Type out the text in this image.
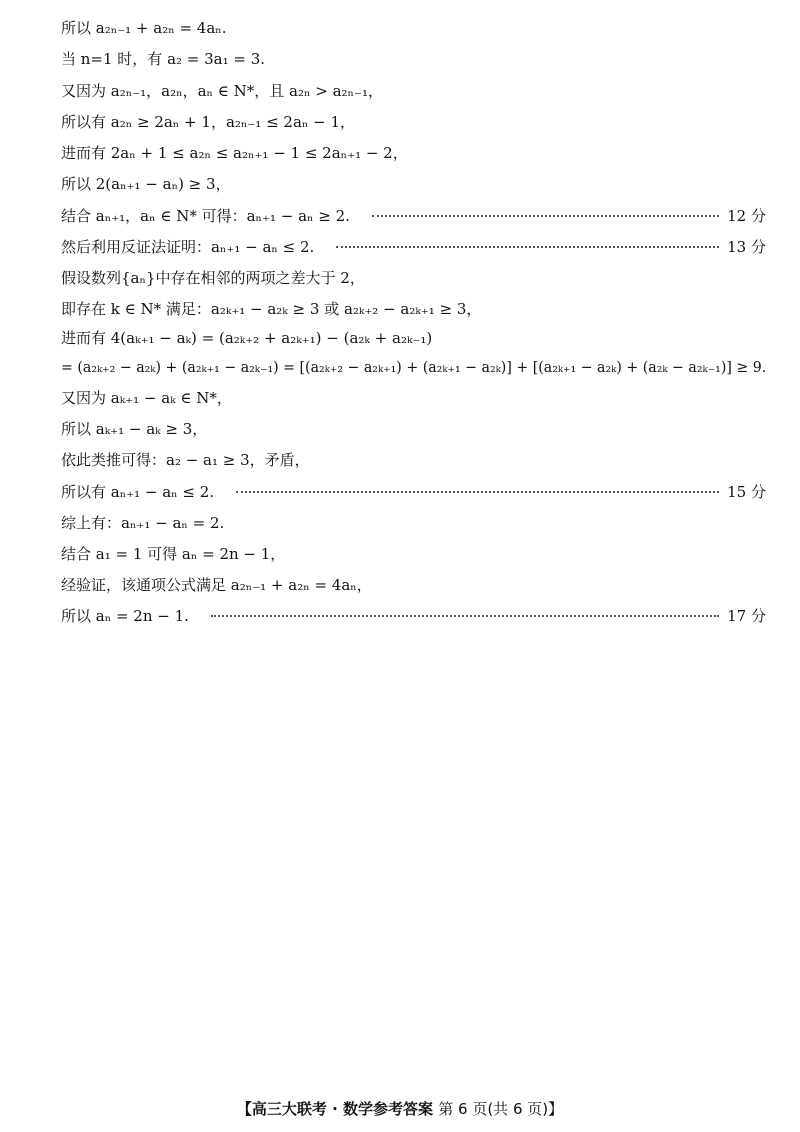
所以 a₂ₙ₋₁ + a₂ₙ = 4aₙ.
当 n=1 时，有 a₂ = 3a₁ = 3.
又因为 a₂ₙ₋₁，a₂ₙ，aₙ ∈ N*，且 a₂ₙ > a₂ₙ₋₁，
所以有 a₂ₙ ≥ 2aₙ + 1，a₂ₙ₋₁ ≤ 2aₙ − 1，
进而有 2aₙ + 1 ≤ a₂ₙ ≤ a₂ₙ₊₁ − 1 ≤ 2aₙ₊₁ − 2，
所以 2(aₙ₊₁ − aₙ) ≥ 3，
结合 aₙ₊₁，aₙ ∈ N* 可得：aₙ₊₁ − aₙ ≥ 2.	12 分
然后利用反证法证明：aₙ₊₁ − aₙ ≤ 2.	13 分
假设数列{aₙ}中存在相邻的两项之差大于 2，
即存在 k ∈ N* 满足：a₂ₖ₊₁ − a₂ₖ ≥ 3 或 a₂ₖ₊₂ − a₂ₖ₊₁ ≥ 3，
进而有 4(aₖ₊₁ − aₖ) = (a₂ₖ₊₂ + a₂ₖ₊₁) − (a₂ₖ + a₂ₖ₋₁)
= (a₂ₖ₊₂ − a₂ₖ) + (a₂ₖ₊₁ − a₂ₖ₋₁) = [(a₂ₖ₊₂ − a₂ₖ₊₁) + (a₂ₖ₊₁ − a₂ₖ)] + [(a₂ₖ₊₁ − a₂ₖ) + (a₂ₖ − a₂ₖ₋₁)] ≥ 9.
又因为 aₖ₊₁ − aₖ ∈ N*，
所以 aₖ₊₁ − aₖ ≥ 3，
依此类推可得：a₂ − a₁ ≥ 3，矛盾，
所以有 aₙ₊₁ − aₙ ≤ 2.	15 分
综上有：aₙ₊₁ − aₙ = 2.
结合 a₁ = 1 可得 aₙ = 2n − 1，
经验证，该通项公式满足 a₂ₙ₋₁ + a₂ₙ = 4aₙ，
所以 aₙ = 2n − 1.	17 分
【高三大联考 · 数学参考答案 第 6 页(共 6 页)】
